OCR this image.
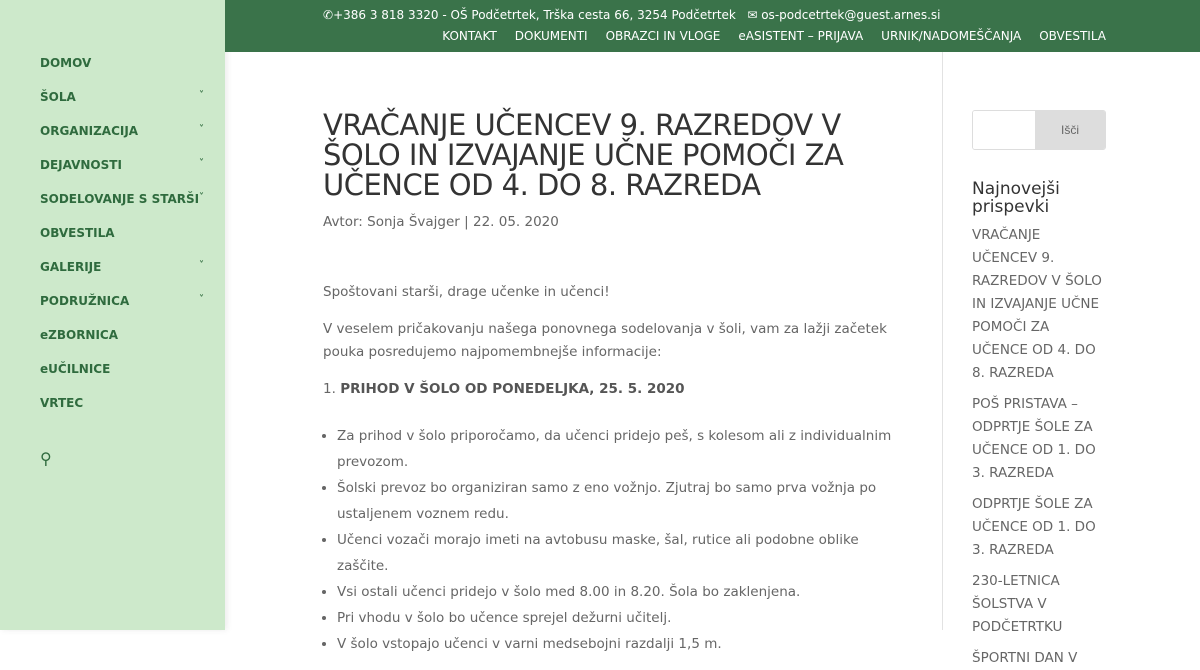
DOMOV
ŠOLA	˅
ORGANIZACIJA	˅
DEJAVNOSTI	˅
SODELOVANJE S STARŠI ˅
OBVESTILA
GALERIJE	˅
PODRUŽNICA	˅
eZBORNICA
eUČILNICE
VRTEC
⚲
✆+386 3 818 3320 - OŠ Podčetrtek, Trška cesta 66, 3254 Podčetrtek ✉ os-podcetrtek@guest.arnes.si
KONTAKT DOKUMENTI OBRAZCI IN VLOGE eASISTENT – PRIJAVA URNIK/NADOMEŠČANJA OBVESTILA
VRAČANJE UČENCEV 9. RAZREDOV V ŠOLO IN IZVAJANJE UČNE POMOČI ZA UČENCE OD 4. DO 8. RAZREDA
Avtor: Sonja Švajger | 22. 05. 2020
Spoštovani starši, drage učenke in učenci!
V veselem pričakovanju našega ponovnega sodelovanja v šoli, vam za lažji začetek pouka posredujemo najpomembnejše informacije:
1. PRIHOD V ŠOLO OD PONEDELJKA, 25. 5. 2020
• Za prihod v šolo priporočamo, da učenci pridejo peš, s kolesom ali z individualnim prevozom.
• Šolski prevoz bo organiziran samo z eno vožnjo. Zjutraj bo samo prva vožnja po ustaljenem voznem redu.
• Učenci vozači morajo imeti na avtobusu maske, šal, rutice ali podobne oblike zaščite.
• Vsi ostali učenci pridejo v šolo med 8.00 in 8.20. Šola bo zaklenjena.
• Pri vhodu v šolo bo učence sprejel dežurni učitelj.
• V šolo vstopajo učenci v varni medsebojni razdalji 1,5 m.
Išči
Najnovejši prispevki
VRAČANJE UČENCEV 9. RAZREDOV V ŠOLO IN IZVAJANJE UČNE POMOČI ZA UČENCE OD 4. DO 8. RAZREDA
POŠ PRISTAVA – ODPRTJE ŠOLE ZA UČENCE OD 1. DO 3. RAZREDA
ODPRTJE ŠOLE ZA UČENCE OD 1. DO 3. RAZREDA
230-LETNICA ŠOLSTVA V PODČETRTKU
ŠPORTNI DAN V
